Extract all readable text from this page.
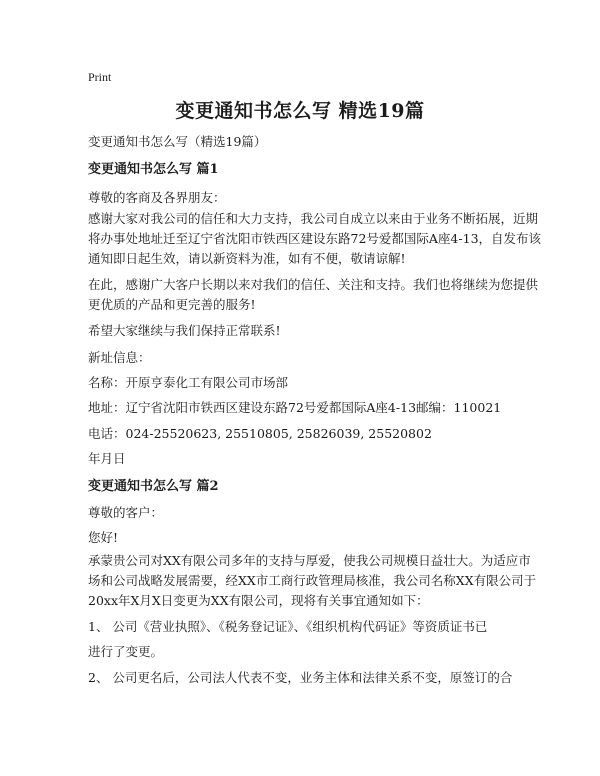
Print
变更通知书怎么写 精选19篇

变更通知书怎么写（精选19篇）

变更通知书怎么写 篇1

尊敬的客商及各界朋友：

感谢大家对我公司的信任和大力支持，我公司自成立以来由于业务不断拓展，近期

将办事处地址迁至辽宁省沈阳市铁西区建设东路72号爱都国际A座4-13，自发布该

通知即日起生效，请以新资料为准，如有不便，敬请谅解!

在此，感谢广大客户长期以来对我们的信任、关注和支持。我们也将继续为您提供

更优质的产品和更完善的服务!

希望大家继续与我们保持正常联系!

新址信息：

名称：开原亨泰化工有限公司市场部

地址：辽宁省沈阳市铁西区建设东路72号爱都国际A座4-13邮编：110021

电话：024-25520623, 25510805, 25826039, 25520802

年月日

变更通知书怎么写 篇2

尊敬的客户：

您好!

承蒙贵公司对XX有限公司多年的支持与厚爱，使我公司规模日益壮大。为适应市

场和公司战略发展需要，经XX市工商行政管理局核准，我公司名称XX有限公司于

20xx年X月X日变更为XX有限公司，现将有关事宜通知如下：

1、 公司《营业执照》、《税务登记证》、《组织机构代码证》等资质证书已

进行了变更。

2、 公司更名后，公司法人代表不变，业务主体和法律关系不变，原签订的合
